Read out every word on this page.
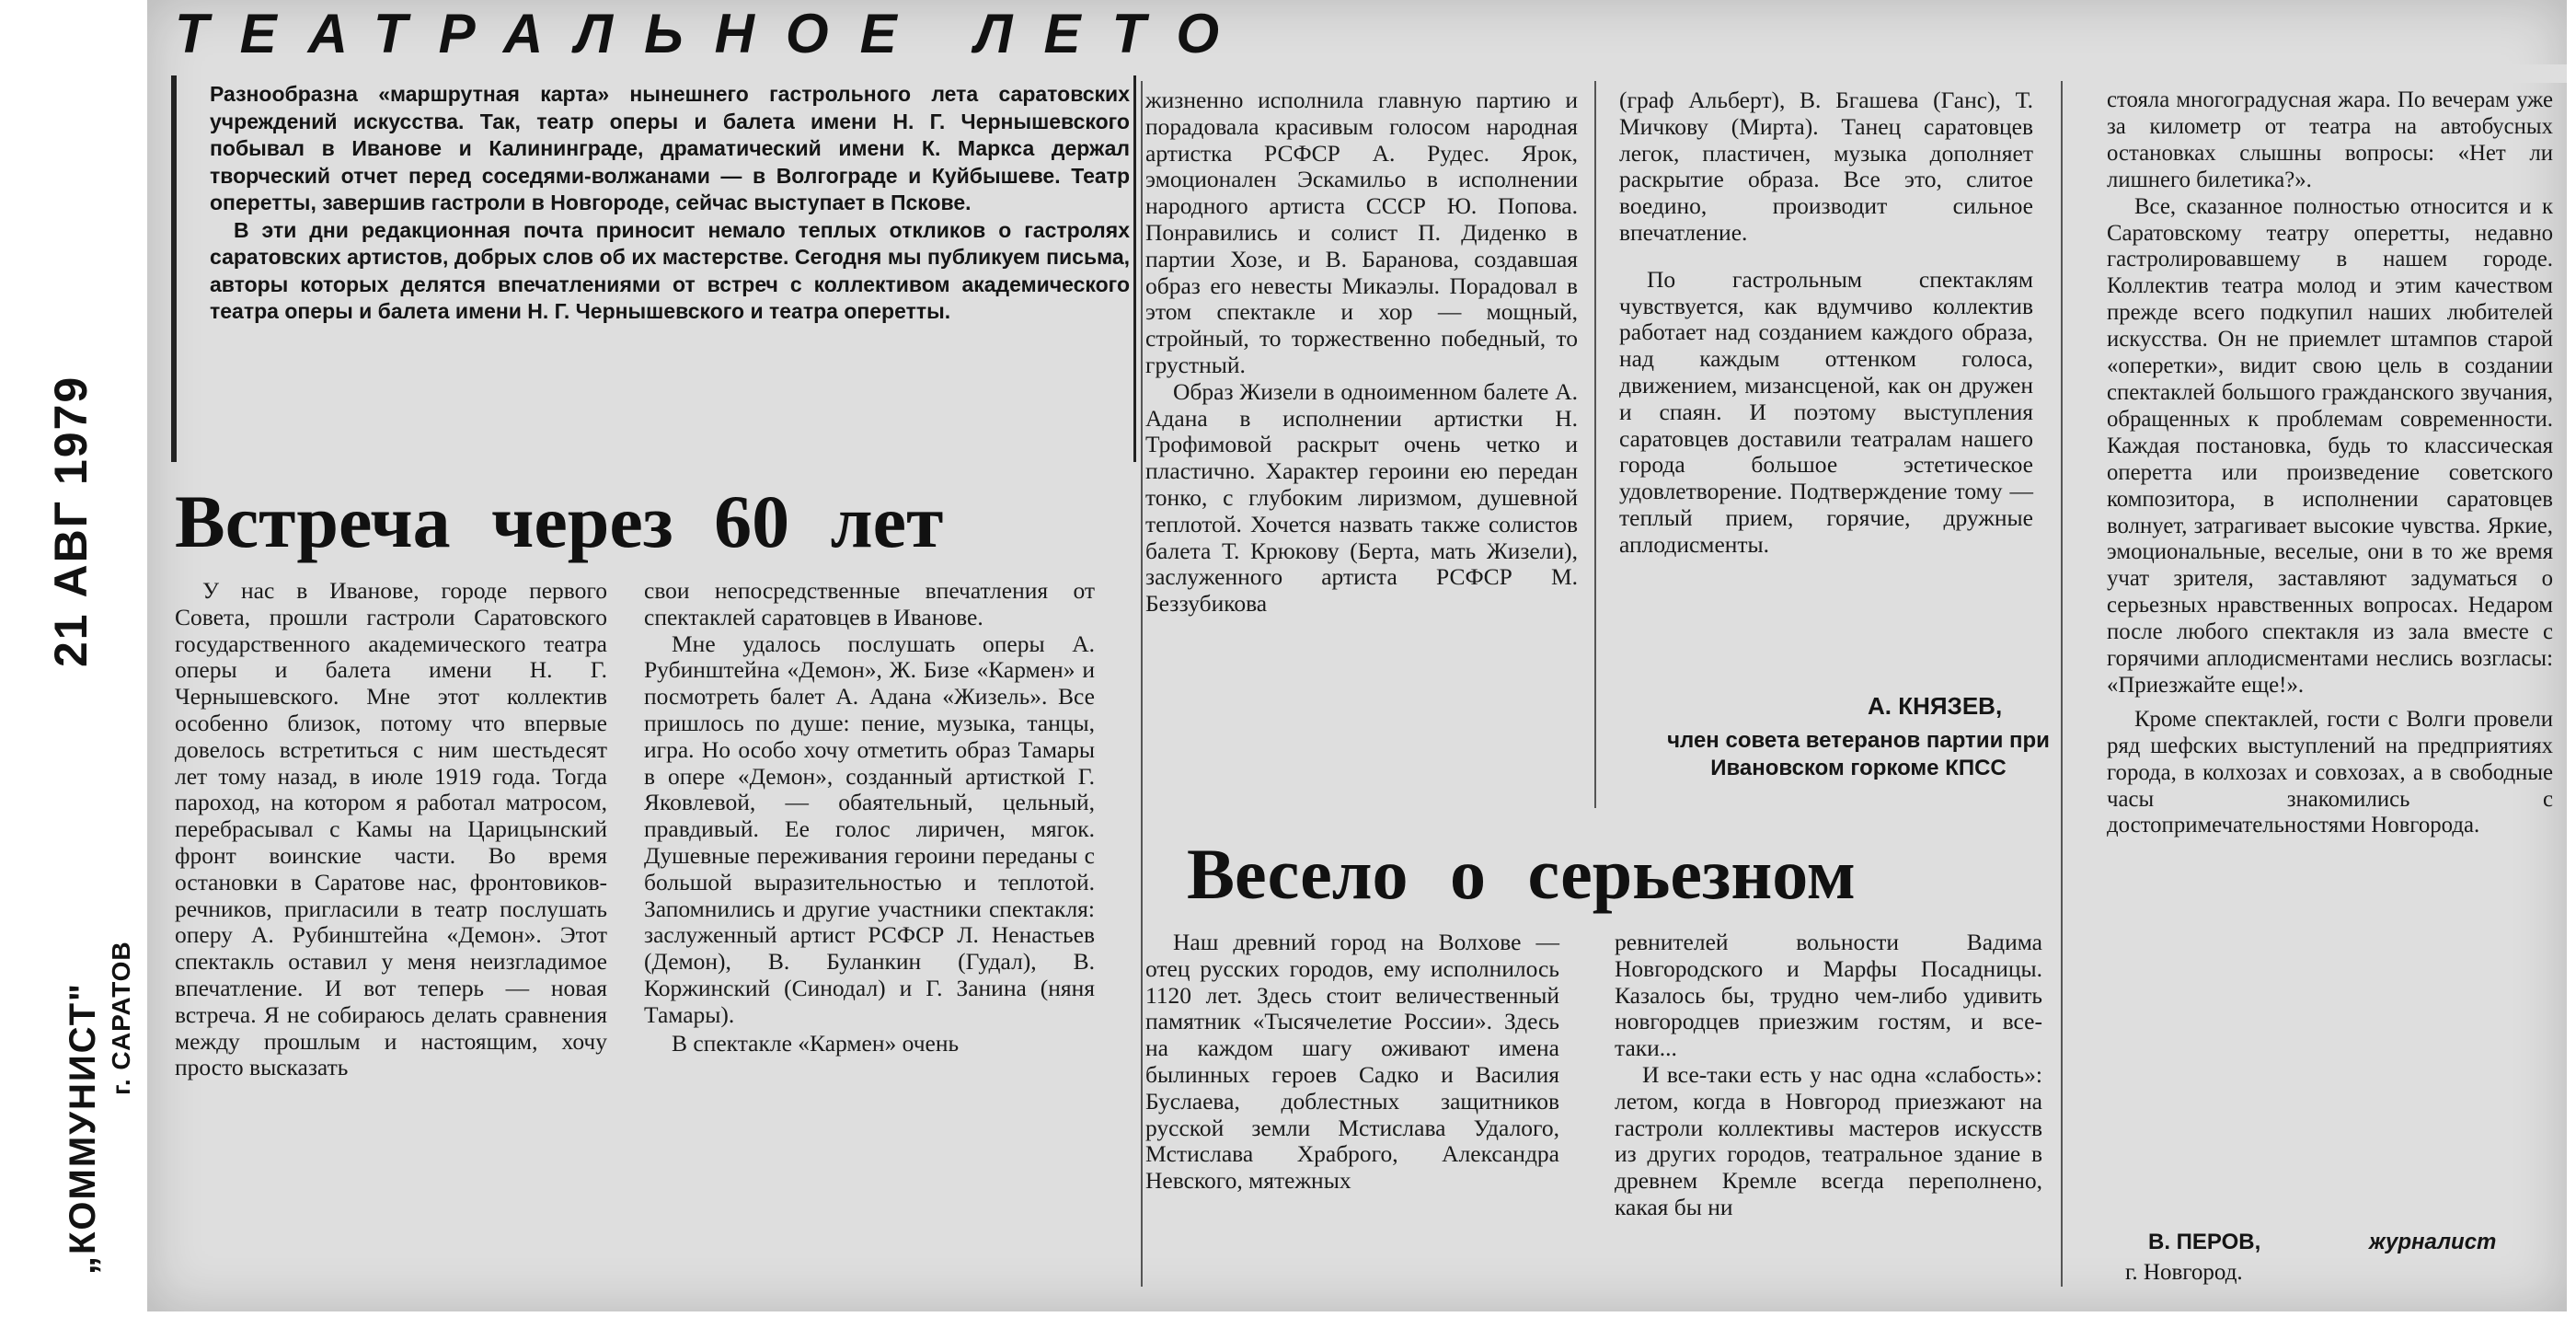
ТЕАТРАЛЬНОЕ ЛЕТО
21 АВГ 1979
„КОММУНИСТ" г. САРАТОВ

Разнообразна «маршрутная карта» нынешнего гастрольного лета саратовских учреждений искусства. Так, театр оперы и балета имени Н. Г. Чернышевского побывал в Иванове и Калининграде, драматический имени К. Маркса держал творческий отчет перед соседями-волжанами — в Волгограде и Куйбышеве. Театр оперетты, завершив гастроли в Новгороде, сейчас выступает в Пскове.

В эти дни редакционная почта приносит немало теплых откликов о гастролях саратовских артистов, добрых слов об их мастерстве. Сегодня мы публикуем письма, авторы которых делятся впечатлениями от встреч с коллективом академического театра оперы и балета имени Н. Г. Чернышевского и театра оперетты.

Встреча через 60 лет

У нас в Иванове, городе первого Совета, прошли гастроли Саратовского государственного академического театра оперы и балета имени Н. Г. Чернышевского. Мне этот коллектив особенно близок, потому что впервые довелось встретиться с ним шестьдесят лет тому назад, в июле 1919 года. Тогда пароход, на котором я работал матросом, перебрасывал с Камы на Царицынский фронт воинские части. Во время остановки в Саратове нас, фронтовиков-речников, пригласили в театр послушать оперу А. Рубинштейна «Демон». Этот спектакль оставил у меня неизгладимое впечатление. И вот теперь — новая встреча. Я не собираюсь делать сравнения между прошлым и настоящим, хочу просто высказать

свои непосредственные впечатления от спектаклей саратовцев в Иванове.

Мне удалось послушать оперы А. Рубинштейна «Демон», Ж. Бизе «Кармен» и посмотреть балет А. Адана «Жизель». Все пришлось по душе: пение, музыка, танцы, игра. Но особо хочу отметить образ Тамары в опере «Демон», созданный артисткой Г. Яковлевой, — обаятельный, цельный, правдивый. Ее голос лиричен, мягок. Душевные переживания героини переданы с большой выразительностью и теплотой. Запомнились и другие участники спектакля: заслуженный артист РСФСР Л. Ненастьев (Демон), В. Буланкин (Гудал), В. Коржинский (Синодал) и Г. Занина (няня Тамары).

В спектакле «Кармен» очень

жизненно исполнила главную партию и порадовала красивым голосом народная артистка РСФСР А. Рудес. Ярок, эмоционален Эскамильо в исполнении народного артиста СССР Ю. Попова. Понравились и солист П. Диденко в партии Хозе, и В. Баранова, создавшая образ его невесты Микаэлы. Порадовал в этом спектакле и хор — мощный, стройный, то торжественно победный, то грустный.

Образ Жизели в одноименном балете А. Адана в исполнении артистки Н. Трофимовой раскрыт очень четко и пластично. Характер героини ею передан тонко, с глубоким лиризмом, душевной теплотой. Хочется назвать также солистов балета Т. Крюкову (Берта, мать Жизели), заслуженного артиста РСФСР М. Беззубикова

(граф Альберт), В. Бгашева (Ганс), Т. Мичкову (Мирта). Танец саратовцев легок, пластичен, музыка дополняет раскрытие образа. Все это, слитое воедино, производит сильное впечатление.

По гастрольным спектаклям чувствуется, как вдумчиво коллектив работает над созданием каждого образа, над каждым оттенком голоса, движением, мизансценой, как он дружен и спаян. И поэтому выступления саратовцев доставили театралам нашего города большое эстетическое удовлетворение. Подтверждение тому — теплый прием, горячие, дружные аплодисменты.

А. КНЯЗЕВ,
член совета ветеранов партии при Ивановском горкоме КПСС
Весело о серьезном

Наш древний город на Волхове — отец русских городов, ему исполнилось 1120 лет. Здесь стоит величественный памятник «Тысячелетие России». Здесь на каждом шагу оживают имена былинных героев Садко и Василия Буслаева, доблестных защитников русской земли Мстислава Удалого, Мстислава Храброго, Александра Невского, мятежных

ревнителей вольности Вадима Новгородского и Марфы Посадницы. Казалось бы, трудно чем-либо удивить новгородцев приезжим гостям, и все-таки...

И все-таки есть у нас одна «слабость»: летом, когда в Новгород приезжают на гастроли коллективы мастеров искусств из других городов, театральное здание в древнем Кремле всегда переполнено, какая бы ни

стояла многоградусная жара. По вечерам уже за километр от театра на автобусных остановках слышны вопросы: «Нет ли лишнего билетика?».

Все, сказанное полностью относится и к Саратовскому театру оперетты, недавно гастролировавшему в нашем городе. Коллектив театра молод и этим качеством прежде всего подкупил наших любителей искусства. Он не приемлет штампов старой «опeретки», видит свою цель в создании спектаклей большого гражданского звучания, обращенных к проблемам современности. Каждая постановка, будь то классическая оперетта или произведение советского композитора, в исполнении саратовцев волнует, затрагивает высокие чувства. Яркие, эмоциональные, веселые, они в то же время учат зрителя, заставляют задуматься о серьезных нравственных вопросах. Недаром после любого спектакля из зала вместе с горячими аплодисментами неслись возгласы: «Приезжайте еще!».

Кроме спектаклей, гости с Волги провели ряд шефских выступлений на предприятиях города, в колхозах и совхозах, а в свободные часы знакомились с достопримечательностями Новгорода.

В. ПЕРОВ,	журналист
г. Новгород.
